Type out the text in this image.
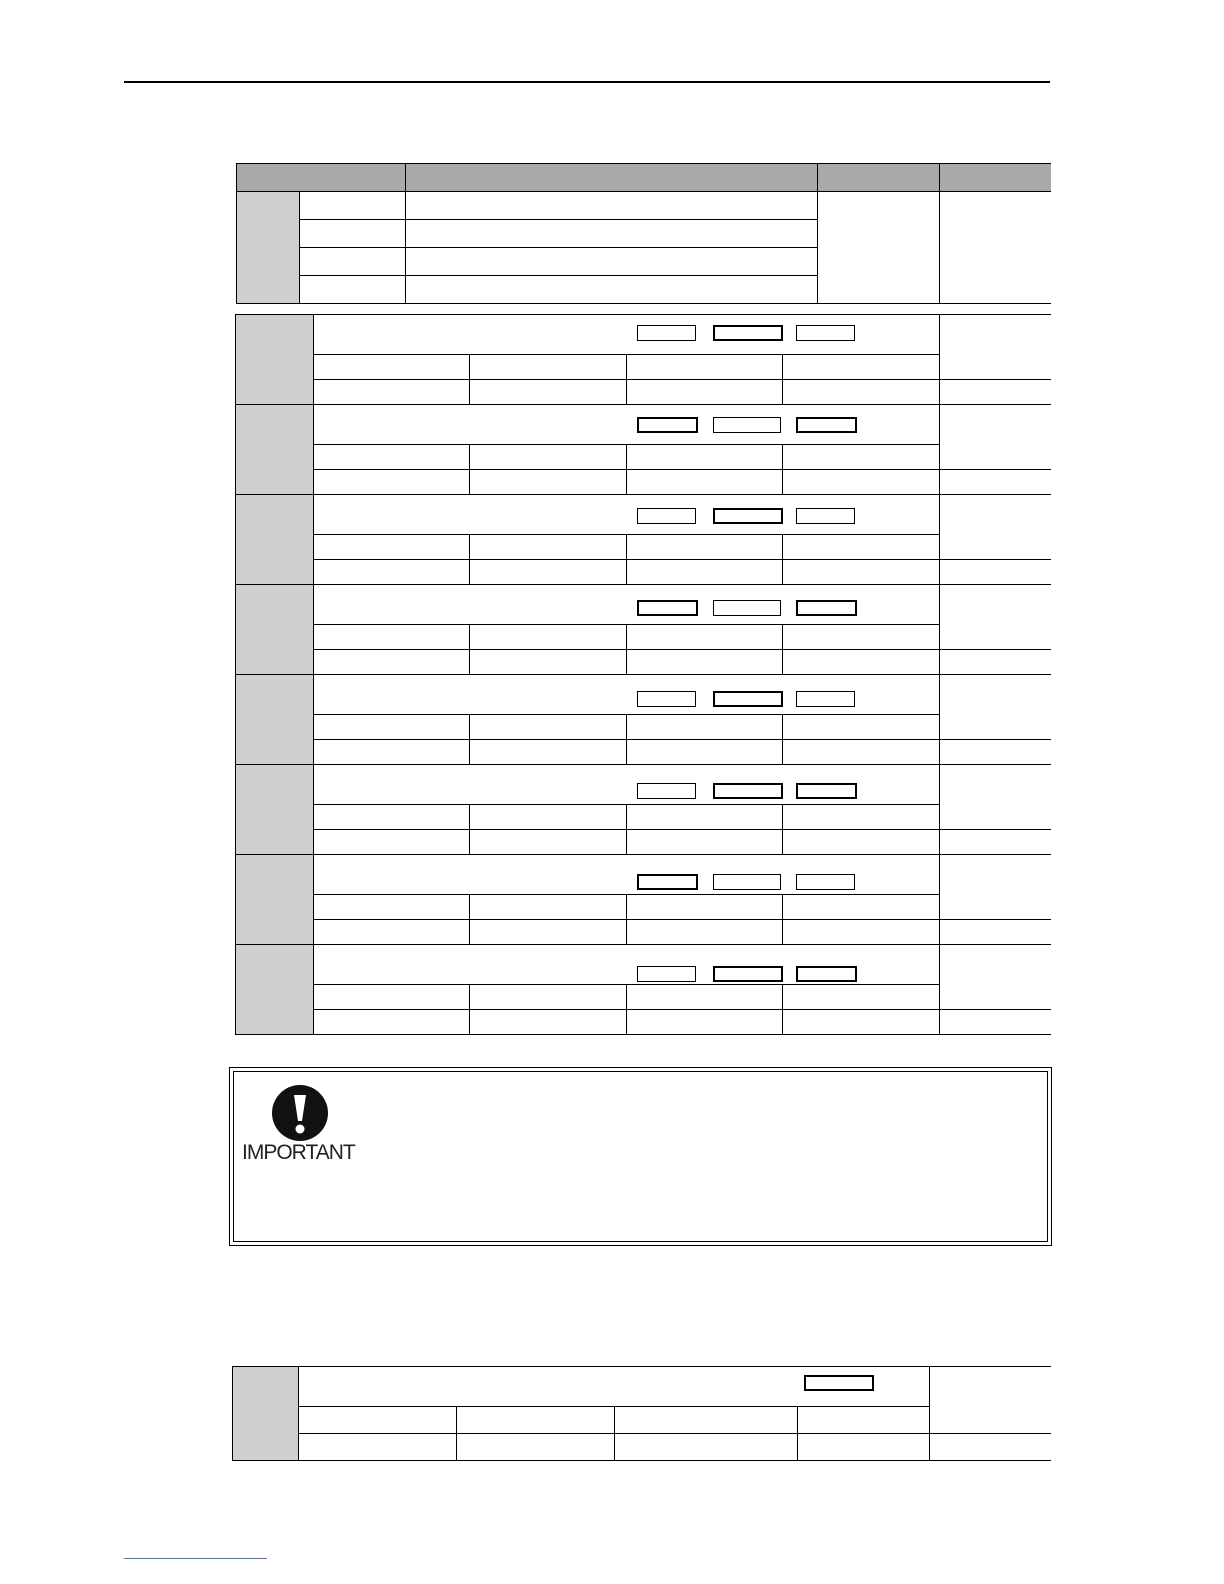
IMPORTANT
